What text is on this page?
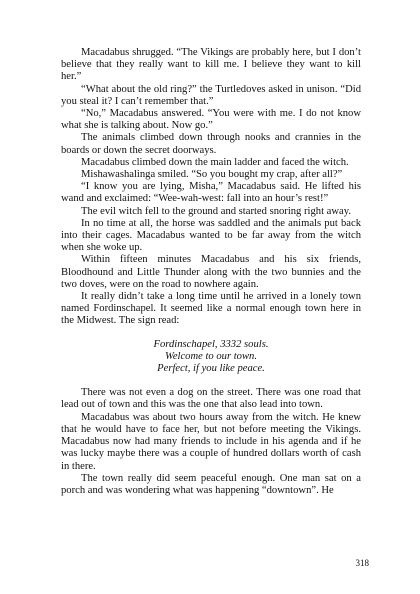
Macadabus shrugged. “The Vikings are probably here, but I don’t believe that they really want to kill me. I believe they want to kill her.”

“What about the old ring?” the Turtledoves asked in unison. “Did you steal it? I can’t remember that.”

“No,” Macadabus answered. “You were with me. I do not know what she is talking about. Now go.”

The animals climbed down through nooks and crannies in the boards or down the secret doorways.

Macadabus climbed down the main ladder and faced the witch.

Mishawashalinga smiled. “So you bought my crap, after all?”

“I know you are lying, Misha,” Macadabus said. He lifted his wand and exclaimed: “Wee-wah-west: fall into an hour’s rest!”

The evil witch fell to the ground and started snoring right away.

In no time at all, the horse was saddled and the animals put back into their cages. Macadabus wanted to be far away from the witch when she woke up.

Within fifteen minutes Macadabus and his six friends, Bloodhound and Little Thunder along with the two bunnies and the two doves, were on the road to nowhere again.

It really didn’t take a long time until he arrived in a lonely town named Fordinschapel. It seemed like a normal enough town here in the Midwest. The sign read:

Fordinschapel, 3332 souls.
Welcome to our town.
Perfect, if you like peace.

There was not even a dog on the street. There was one road that lead out of town and this was the one that also lead into town.

Macadabus was about two hours away from the witch. He knew that he would have to face her, but not before meeting the Vikings. Macadabus now had many friends to include in his agenda and if he was lucky maybe there was a couple of hundred dollars worth of cash in there.

The town really did seem peaceful enough. One man sat on a porch and was wondering what was happening “downtown”. He

318
